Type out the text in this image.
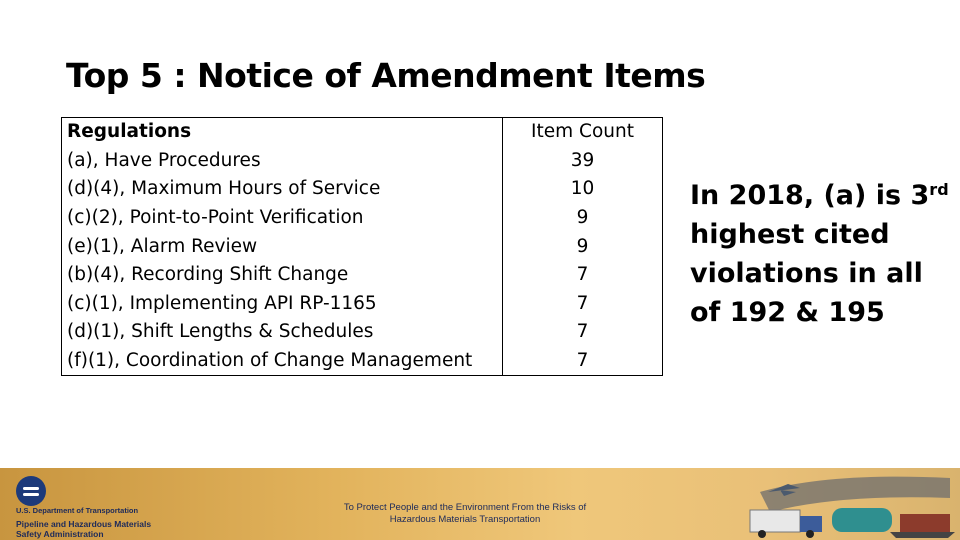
Top 5 : Notice of Amendment Items
Regulations	Item Count
(a), Have Procedures	39
(d)(4), Maximum Hours of Service	10
(c)(2), Point-to-Point Verification	9
(e)(1), Alarm Review	9
(b)(4), Recording Shift Change	7
(c)(1), Implementing API RP-1165	7
(d)(1), Shift Lengths & Schedules	7
(f)(1), Coordination of Change Management	7
In 2018, (a) is 3rd highest cited violations in all of 192 & 195
U.S. Department of Transportation
Pipeline and Hazardous Materials
Safety Administration
To Protect People and the Environment From the Risks of
Hazardous Materials Transportation
